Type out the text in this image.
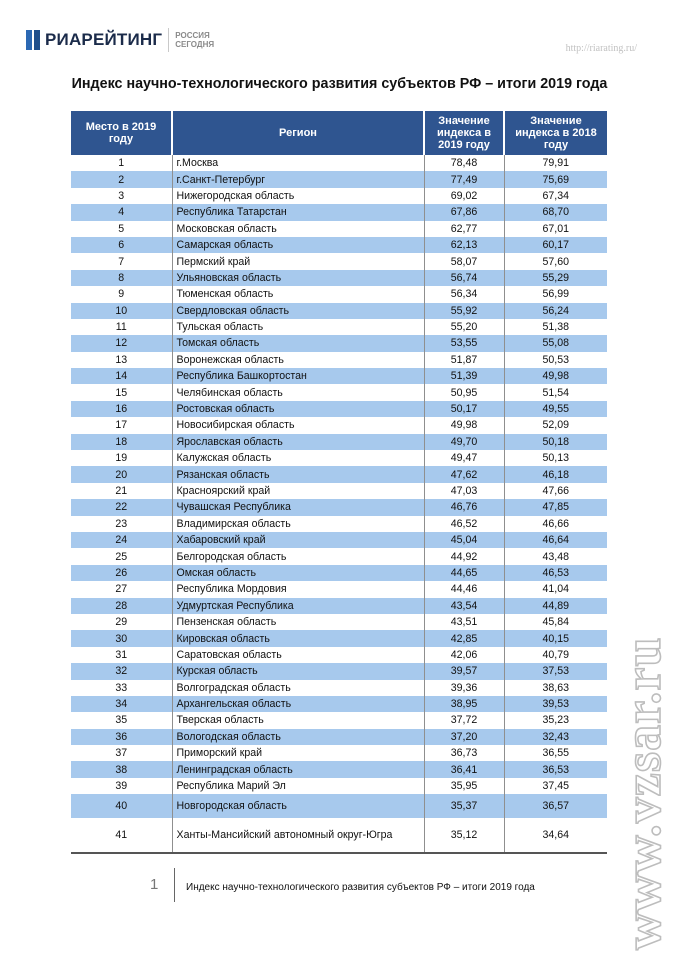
РИАРЕЙТИНГ РОССИЯ
СЕГОДНЯ	http://riarating.ru/
Индекс научно-технологического развития субъектов РФ – итоги 2019 года
Место в 2019 году	Регион	Значение индекса в 2019 году	Значение индекса в 2018 году
1	г.Москва	78,48	79,91
2	г.Санкт-Петербург	77,49	75,69
3	Нижегородская область	69,02	67,34
4	Республика Татарстан	67,86	68,70
5	Московская область	62,77	67,01
6	Самарская область	62,13	60,17
7	Пермский край	58,07	57,60
8	Ульяновская область	56,74	55,29
9	Тюменская область	56,34	56,99
10	Свердловская область	55,92	56,24
11	Тульская область	55,20	51,38
12	Томская область	53,55	55,08
13	Воронежская область	51,87	50,53
14	Республика Башкортостан	51,39	49,98
15	Челябинская область	50,95	51,54
16	Ростовская область	50,17	49,55
17	Новосибирская область	49,98	52,09
18	Ярославская область	49,70	50,18
19	Калужская область	49,47	50,13
20	Рязанская область	47,62	46,18
21	Красноярский край	47,03	47,66
22	Чувашская Республика	46,76	47,85
23	Владимирская область	46,52	46,66
24	Хабаровский край	45,04	46,64
25	Белгородская область	44,92	43,48
26	Омская область	44,65	46,53
27	Республика Мордовия	44,46	41,04
28	Удмуртская Республика	43,54	44,89
29	Пензенская область	43,51	45,84
30	Кировская область	42,85	40,15
31	Саратовская область	42,06	40,79
32	Курская область	39,57	37,53
33	Волгоградская область	39,36	38,63
34	Архангельская область	38,95	39,53
35	Тверская область	37,72	35,23
36	Вологодская область	37,20	32,43
37	Приморский край	36,73	36,55
38	Ленинградская область	36,41	36,53
39	Республика Марий Эл	35,95	37,45
40	Новгородская область	35,37	36,57
41	Ханты-Мансийский автономный округ-Югра	35,12	34,64
1	Индекс научно-технологического развития субъектов РФ – итоги 2019 года www.vzsar.ru
